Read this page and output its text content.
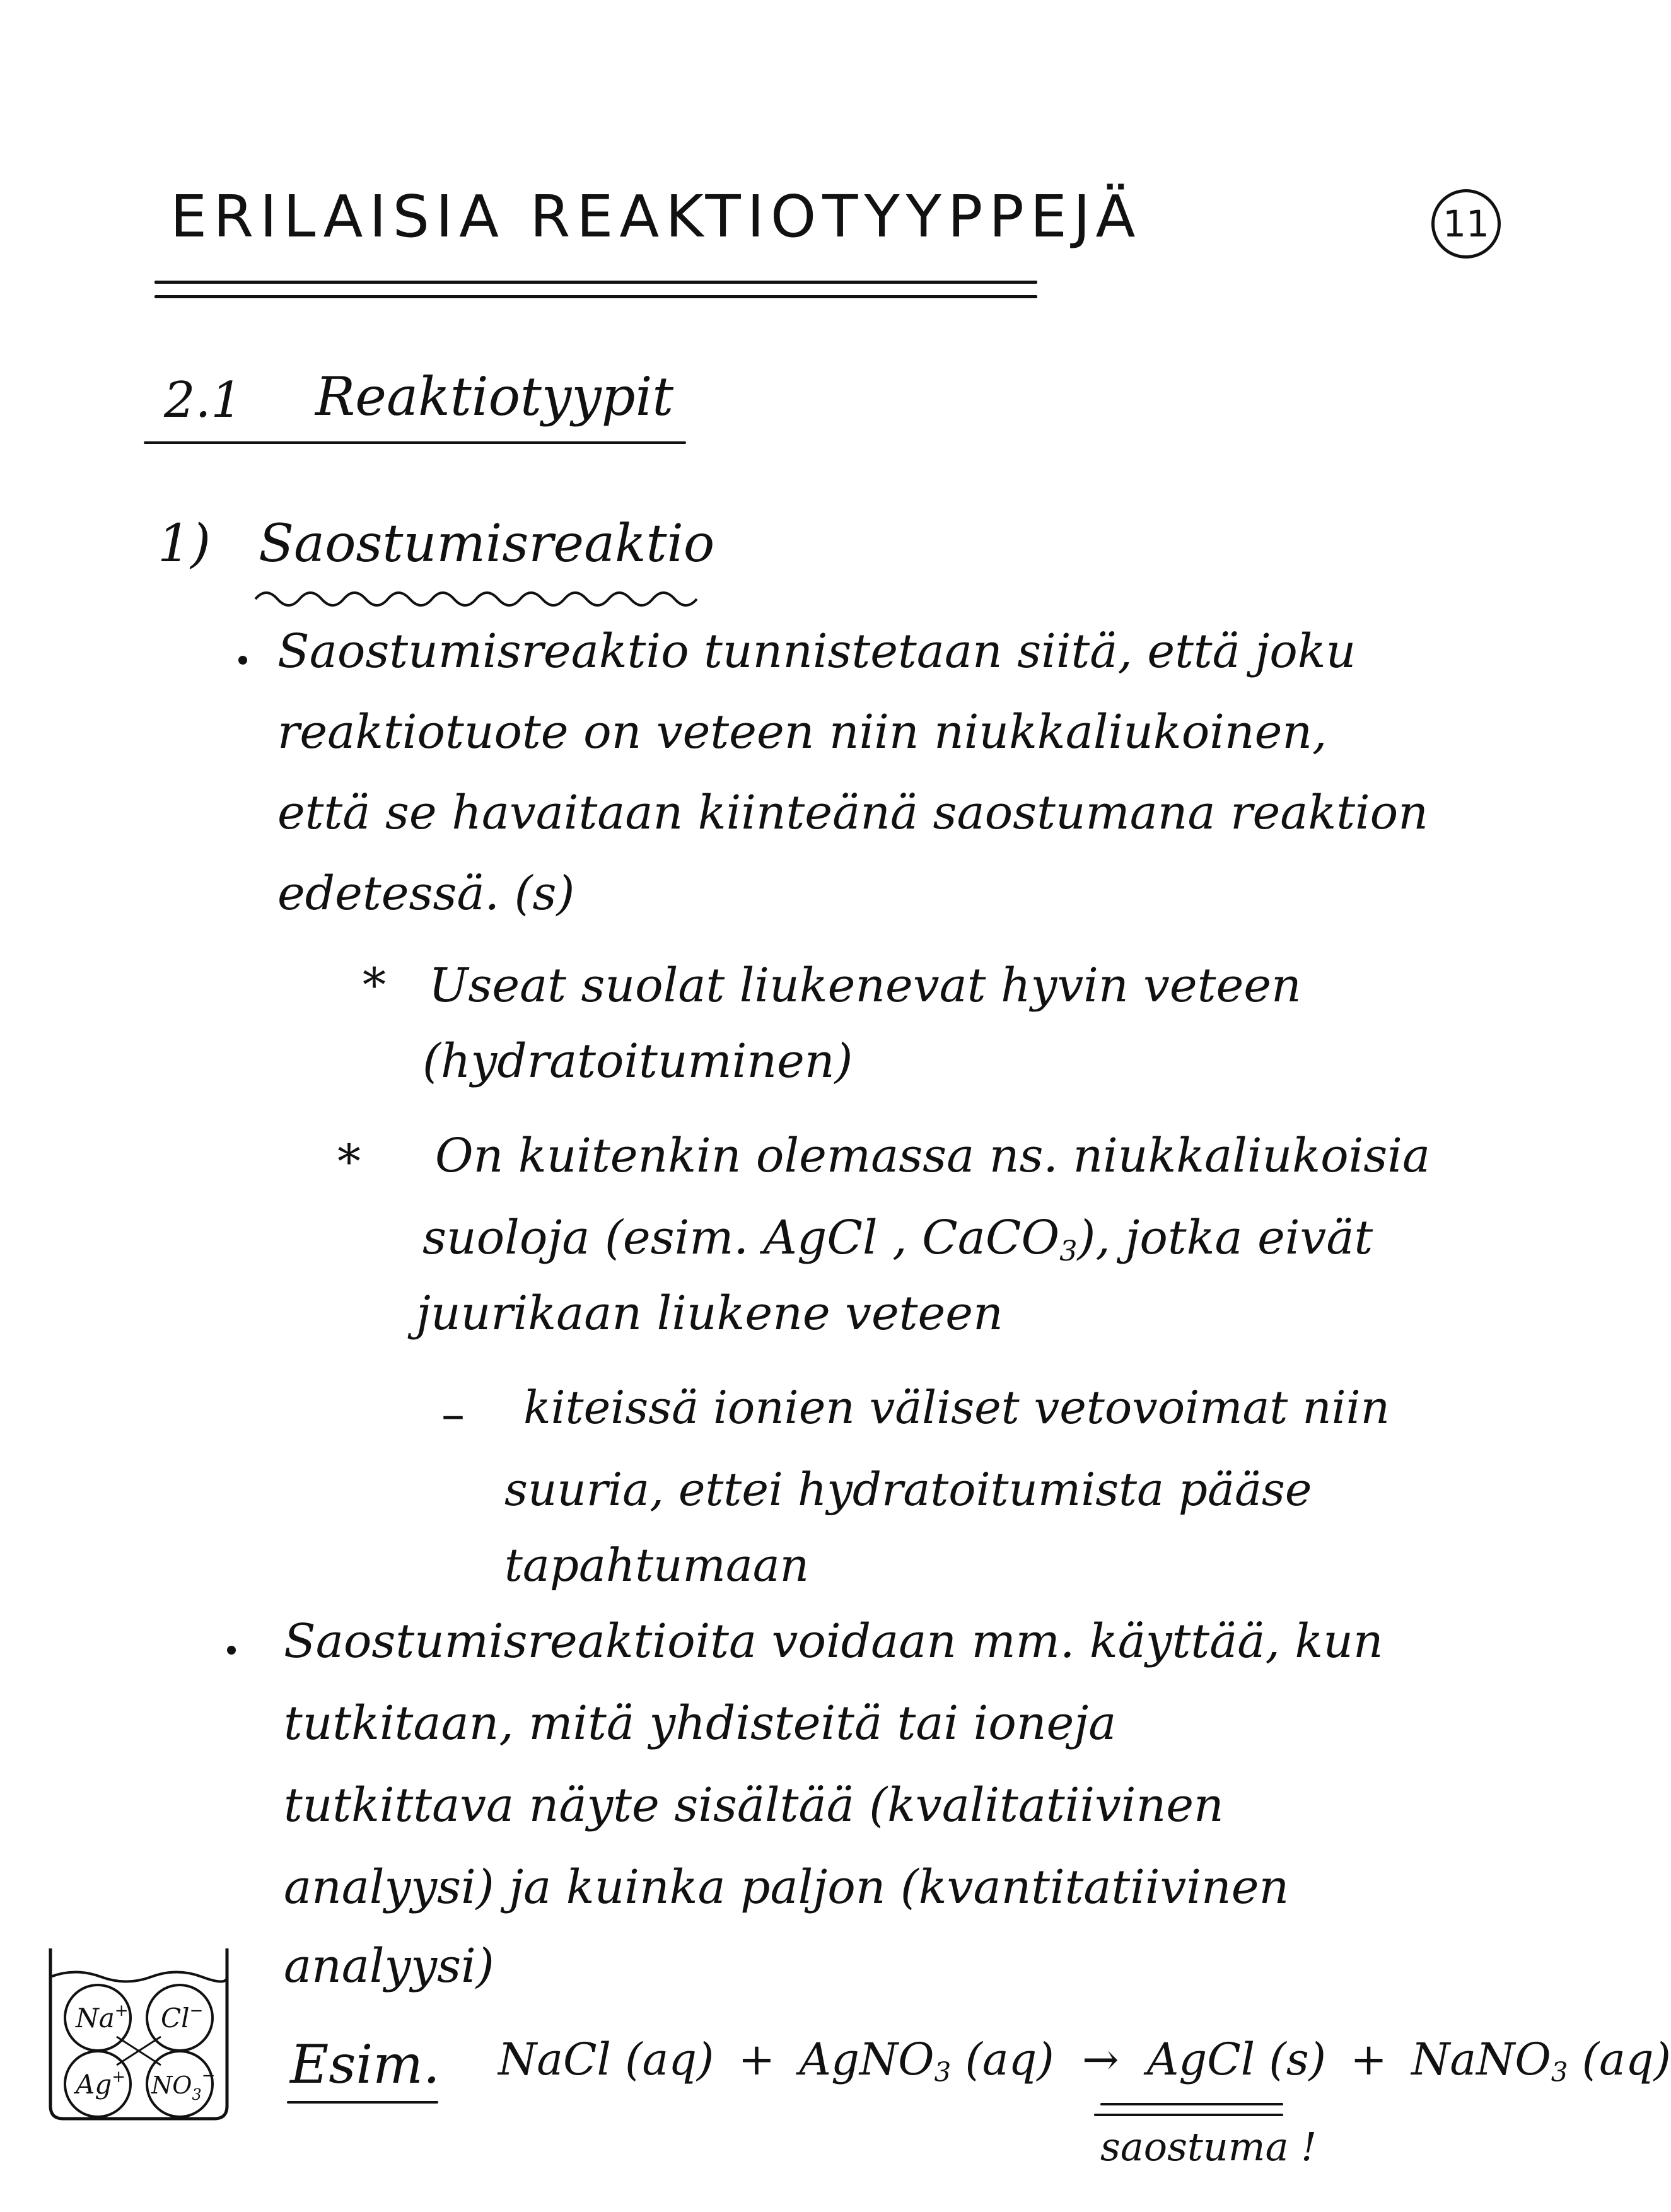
ERILAISIA REAKTIOTYYPPEJÄ	11
2.1 Reaktiotyypit
1) Saostumisreaktio
Saostumisreaktio tunnistetaan siitä, että joku
reaktiotuote on veteen niin niukkaliukoinen,
että se havaitaan kiinteänä saostumana reaktion
edetessä. (s)
* Useat suolat liukenevat hyvin veteen
(hydratoituminen)
* On kuitenkin olemassa ns. niukkaliukoisia
suoloja (esim. AgCl , CaCO$_3$), jotka eivät
juurikaan liukene veteen
– kiteissä ionien väliset vetovoimat niin
suuria, ettei hydratoitumista pääse
tapahtumaan
Saostumisreaktioita voidaan mm. käyttää, kun
tutkitaan, mitä yhdisteitä tai ioneja
tutkittava näyte sisältää (kvalitatiivinen
analyysi) ja kuinka paljon (kvantitatiivinen
analyysi)
Na+ Cl−
Ag+ $NO_3^-$ Esim. NaCl (aq) + AgNO$_3$ (aq) → AgCl (s) + NaNO$_3$ (aq)
saostuma !
